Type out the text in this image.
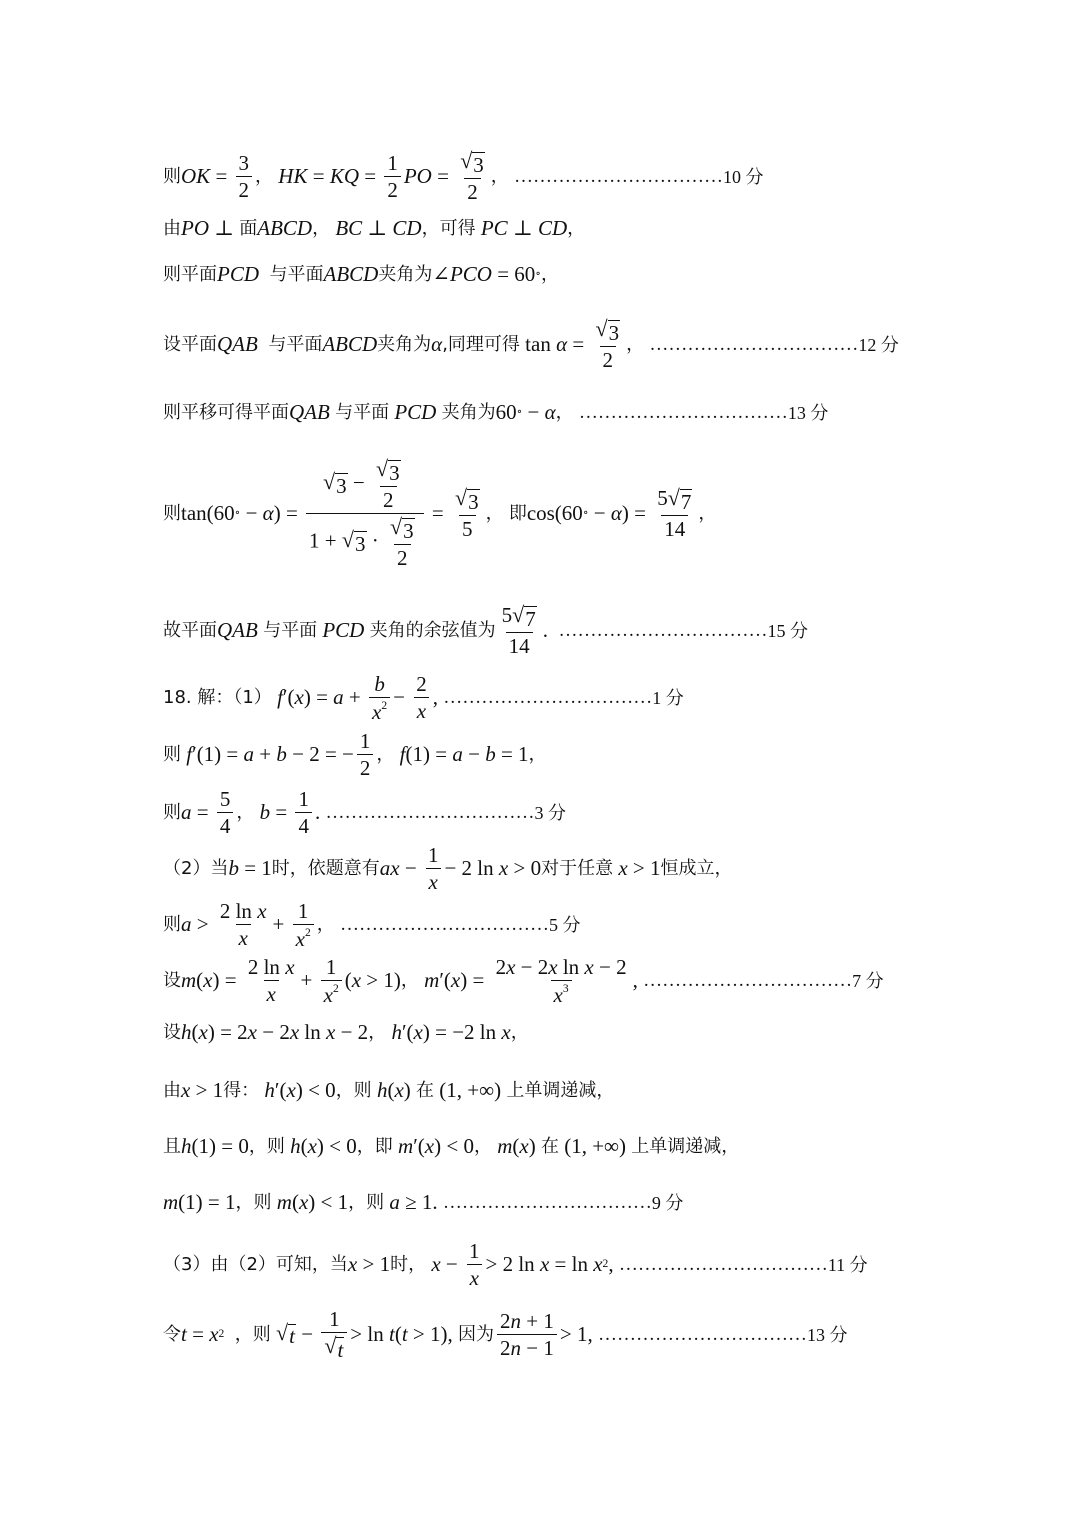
则 OK = $\frac{3}{2}$ ，
HK = KQ = $\frac{1}{2}$ PO = $\frac{√ 3}{2}$ ，
…………………………… 10 分
由 PO ⊥ 面 ABCD ，
BC ⊥ CD ，可得
PC ⊥ CD ，
则 平面 PCD
与平面 ABCD 夹角为 ∠ PCO = 60 ∘ ，
设 平面 QAB
与平面 ABCD 夹角为 α ,同理可得 $\tan \alpha = \frac{√ 3}{2}$ ，
…………………………… 12 分
则平移可得平面 QAB
与平面
PCD
夹角为 60 ∘ − α ，
…………………………… 13 分
则 tan(60 ∘ − α ) = $\frac{√ 3 - \frac{√ 3}{2}}{1 + √ 3 \cdot \frac{√ 3}{2}} = \frac{√ 3}{5}$ ，
即 cos(60 ∘ − α ) = $\frac{5 √ 7}{14}$ ，
故平面 QAB
与平面
PCD
夹角的余弦值为 $\frac{5 √ 7}{14}$ . …………………………… 15 分
18. 解：（1）
f ′( x ) = $a + \frac{b}{x^2} - \frac{2}{x}$ , …………………………… 1 分
则
f ′(1) = a + b − 2 = − $\frac{1}{2}$ ，
f (1) = a − b = 1 ，
则 $a = \frac{5}{4}$ ，
$b = \frac{1}{4}$ . …………………………… 3 分
（2）当 b = 1 时，依题意有 ax − $\frac{1}{x} - 2$ ln x > 0 对于任意
x > 1 恒成立，
则 $a > \frac{\text{2 ln x}}{x} + \frac{1}{x^2}$ ，
…………………………… 5 分
设 m ( x ) = $\frac{\text{2 ln x}}{x} + \frac{1}{x^2}$ ( x > 1) ，
m ′( x ) = $\frac{\text{2x − 2x ln x − 2}}{x^3}$ , …………………………… 7 分
设 h ( x ) = 2 x − 2 x ln x − 2 ，
h ′( x ) = −2 ln x ，
由 x > 1 得：
h ′( x ) < 0 ，则
h ( x ) 在 (1, +∞) 上单调递减，
且 h (1) = 0 ，则
h ( x ) < 0 ，即
m ′( x ) < 0 ，
m ( x ) 在 (1, +∞) 上单调递减，
m (1) = 1 ，则
m ( x ) < 1 ，则
a ≥ 1. …………………………… 9 分
（3）由（2）可知，当 x > 1 时，
$x - \frac{1}{x} > 2$ ln x = ln x 2 , …………………………… 11 分
令 t = x 2
，则
√ $t - \frac{1}{√ t} > \ln t$ ( t > 1), 因为 $\frac{2n + 1}{2n - 1} > 1$, …………………………… 13 分
